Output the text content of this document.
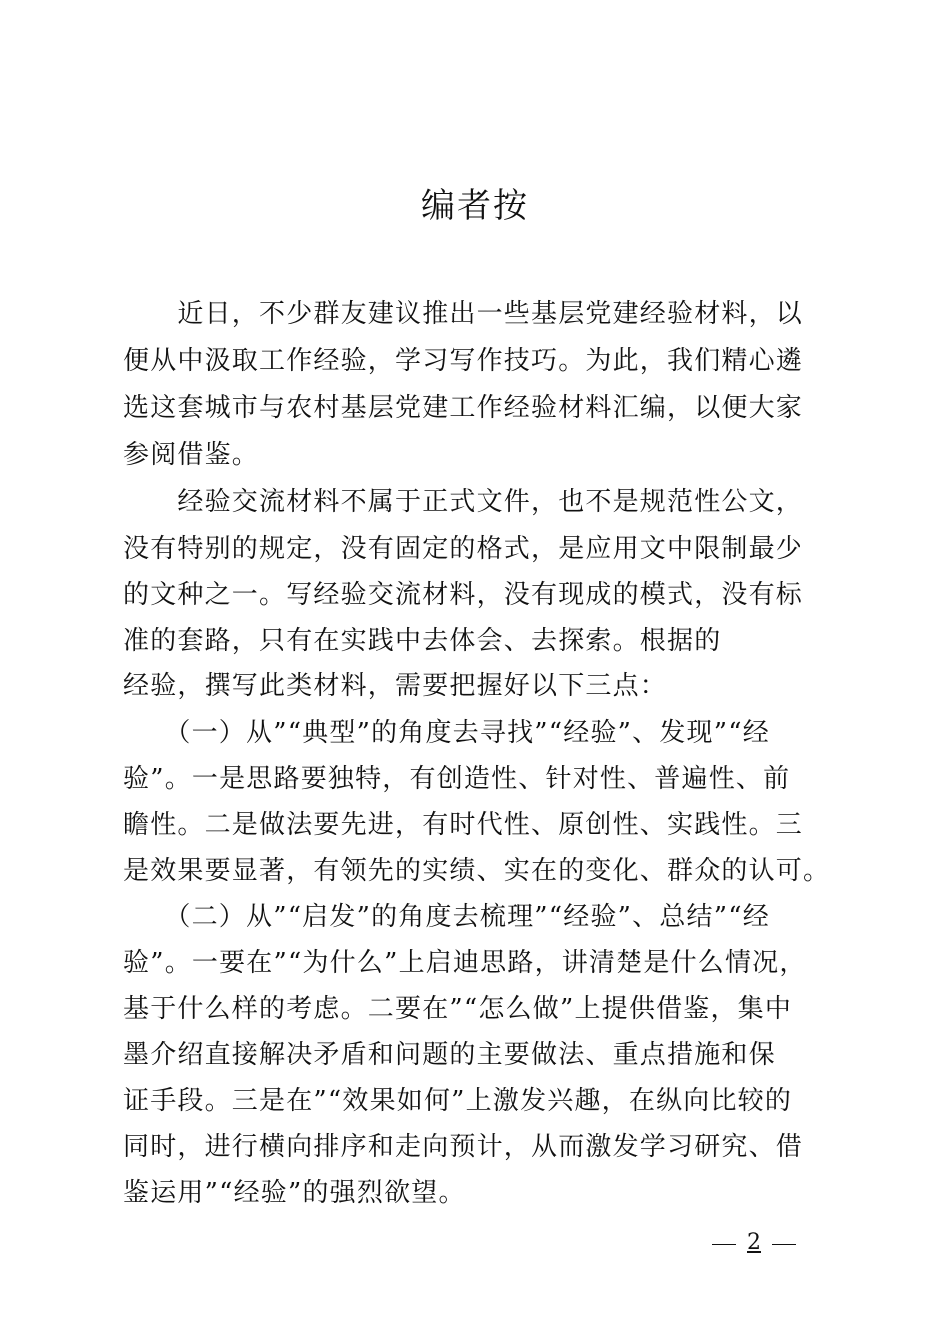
编者按

　　近日，不少群友建议推出一些基层党建经验材料，以

便从中汲取工作经验，学习写作技巧。为此，我们精心遴

选这套城市与农村基层党建工作经验材料汇编，以便大家

参阅借鉴。

　　经验交流材料不属于正式文件，也不是规范性公文，

没有特别的规定，没有固定的格式，是应用文中限制最少

的文种之一。写经验交流材料，没有现成的模式，没有标

准的套路，只有在实践中去体会、去探索。根据的

经验，撰写此类材料，需要把握好以下三点：

　　（一）从”“典型”的角度去寻找”“经验”、发现”“经

验”。一是思路要独特，有创造性、针对性、普遍性、前

瞻性。二是做法要先进，有时代性、原创性、实践性。三

是效果要显著，有领先的实绩、实在的变化、群众的认可。

　　（二）从”“启发”的角度去梳理”“经验”、总结”“经

验”。一要在”“为什么”上启迪思路，讲清楚是什么情况，

基于什么样的考虑。二要在”“怎么做”上提供借鉴，集中

墨介绍直接解决矛盾和问题的主要做法、重点措施和保

证手段。三是在”“效果如何”上激发兴趣，在纵向比较的

同时，进行横向排序和走向预计，从而激发学习研究、借

鉴运用”“经验”的强烈欲望。

2
